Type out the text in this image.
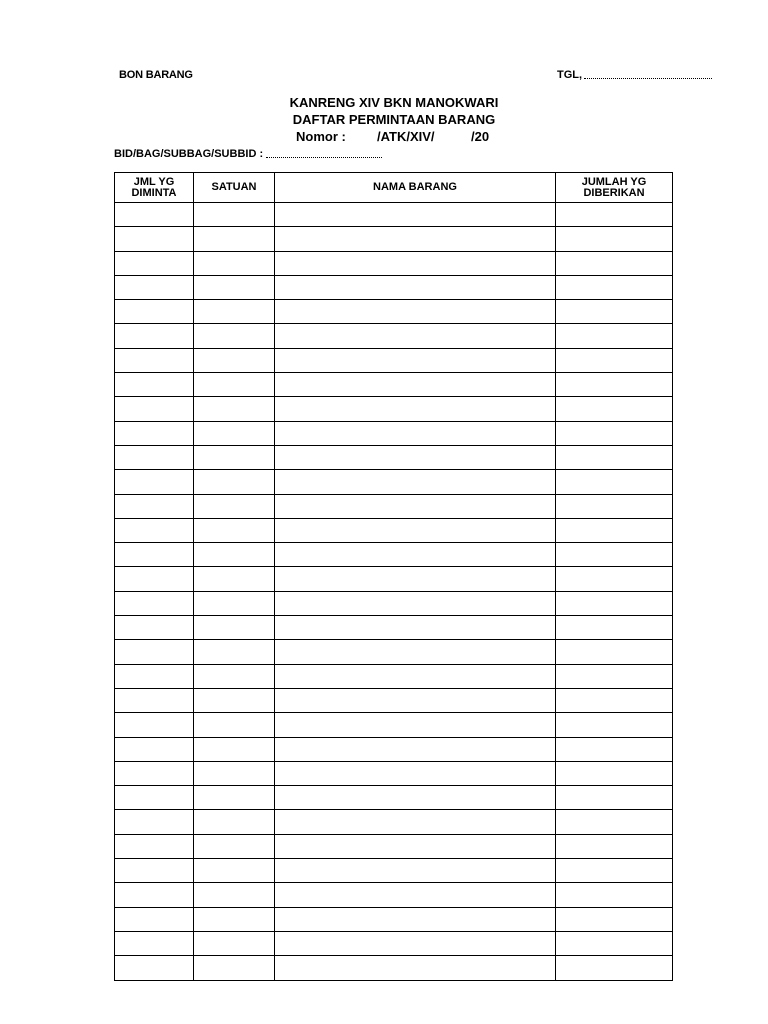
BON BARANG	TGL,
KANRENG XIV BKN MANOKWARI
DAFTAR PERMINTAAN BARANG
Nomor : /ATK/XIV/	/20
BID/BAG/SUBBAG/SUBBID :
JML YG DIMINTA	SATUAN	NAMA BARANG	JUMLAH YG DIBERIKAN
